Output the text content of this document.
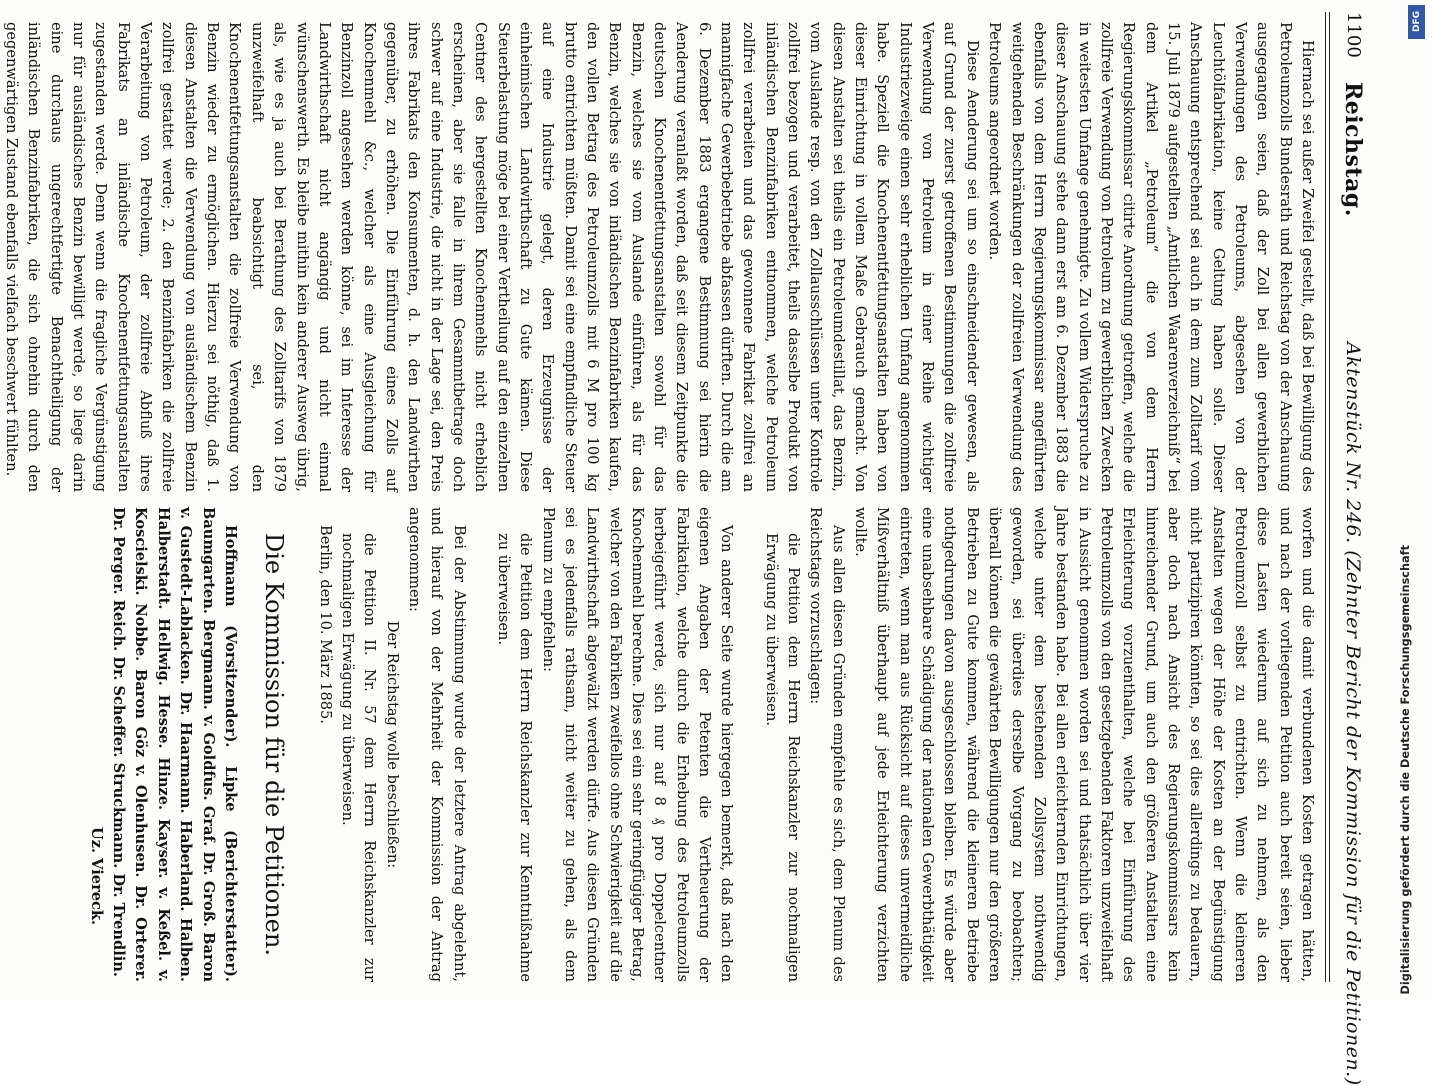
1100
Reichstag.
Aktenstück Nr. 246. (Zehnter Bericht der Kommission für die Petitionen.)

Hiernach sei außer Zweifel gestellt, daß bei Bewilligung des Petroleumzolls Bundesrath und Reichstag von der Anschauung ausgegangen seien, daß der Zoll bei allen gewerblichen Verwendungen des Petroleums, abgesehen von der Leuchtölfabrikation, keine Geltung haben solle. Dieser Anschauung entsprechend sei auch in dem zum Zolltarif vom 15. Juli 1879 aufgestellten „Amtlichen Waarenverzeichniß“ bei dem Artikel „Petroleum“ die von dem Herrn Regierungskommissar citirte Anordnung getroffen, welche die zollfreie Verwendung von Petroleum zu gewerblichen Zwecken in weitesten Umfange genehmigte. Zu vollem Widerspruche zu dieser Anschauung stehe dann erst am 6. Dezember 1883 die ebenfalls von dem Herrn Regierungskommissar angeführten weitgehenden Beschränkungen der zollfreien Verwendung des Petroleums angeordnet worden.

Diese Aenderung sei um so einschneidender gewesen, als auf Grund der zuerst getroffenen Bestimmungen die zollfreie Verwendung von Petroleum in einer Reihe wichtiger Industriezweige einen sehr erheblichen Umfang angenommen habe. Speziell die Knochenentfettungsanstalten haben von dieser Einrichtung in vollem Maße Gebrauch gemacht. Von diesen Anstalten sei theils ein Petroleumdestillat, das Benzin, vom Auslande resp. von den Zollausschlüssen unter Kontrole zollfrei bezogen und verarbeitet, theils dasselbe Produkt von inländischen Benzinfabriken entnommen, welche Petroleum zollfrei verarbeiten und das gewonnene Fabrikat zollfrei an mannigfache Gewerbebetriebe abfassen dürften. Durch die am 6. Dezember 1883 ergangene Bestimmung sei hierin die Aenderung veranlaßt worden, daß seit diesem Zeitpunkte die deutschen Knochenentfettungsanstalten sowohl für das Benzin, welches sie vom Auslande einführen, als für das Benzin, welches sie von inländischen Benzinfabriken kaufen, den vollen Betrag des Petroleumzolls mit 6 M pro 100 kg brutto entrichten müßten. Damit sei eine empfindliche Steuer auf eine Industrie gelegt, deren Erzeugnisse der einheimischen Landwirthschaft zu Gute kämen. Diese Steuerbelastung möge bei einer Vertheilung auf den einzelnen Centner des hergestellten Knochenmehls nicht erheblich erscheinen, aber sie falle in ihrem Gesammtbetrage doch schwer auf eine Industrie, die nicht in der Lage sei, den Preis ihres Fabrikats den Konsumenten, d. h. den Landwirthen gegenüber, zu erhöhen. Die Einführung eines Zolls auf Knochenmehl &c., welcher als eine Ausgleichung für Benzinzoll angesehen werden könne, sei im Interesse der Landwirthschaft nicht angängig und nicht einmal wünschenswerth. Es bleibe mithin kein anderer Ausweg übrig, als, wie es ja auch bei Berathung des Zolltarifs von 1879 unzweifelhaft beabsichtigt sei, den Knochenentfettungsanstalten die zollfreie Verwendung von Benzin wieder zu ermöglichen. Hierzu sei nöthig, daß 1. diesen Anstalten die Verwendung von ausländischem Benzin zollfrei gestattet werde; 2. den Benzinfabriken die zollfreie Verarbeitung von Petroleum, der zollfreie Abfluß ihres Fabrikats an inländische Knochenentfettungsanstalten zugestanden werde. Denn wenn die fragliche Vergünstigung nur für ausländisches Benzin bewilligt werde, so liege darin eine durchaus ungerechtfertigte Benachtheiligung der inländischen Benzinfabriken, die sich ohnehin durch den gegenwärtigen Zustand ebenfalls vielfach beschwert fühlten.

worfen und die damit verbundenen Kosten getragen hätten, und nach der vorliegenden Petition auch bereit seien, lieber diese Lasten wiederum auf sich zu nehmen, als den Petroleumzoll selbst zu entrichten. Wenn die kleineren Anstalten wegen der Höhe der Kosten an der Begünstigung nicht partizipiren könnten, so sei dies allerdings zu bedauern, aber doch nach Ansicht des Regierungskommissars kein hinreichender Grund, um auch den größeren Anstalten eine Erleichterung vorzuenthalten, welche bei Einführung des Petroleumzolls von den gesetzgebenden Faktoren unzweifelhaft in Aussicht genommen worden sei und thatsächlich über vier Jahre bestanden habe. Bei allen erleichternden Einrichtungen, welche unter dem bestehenden Zollsystem nothwendig geworden, sei überdies derselbe Vorgang zu beobachten; überall können die gewährten Bewilligungen nur den größeren Betrieben zu Gute kommen, während die kleineren Betriebe nothgedrungen davon ausgeschlossen bleiben. Es würde aber eine unabsehbare Schädigung der nationalen Gewerbthätigkeit eintreten, wenn man aus Rücksicht auf dieses unvermeidliche Mißverhältniß überhaupt auf jede Erleichterung verzichten wollte.

Aus allen diesen Gründen empfehle es sich, dem Plenum des Reichstags vorzuschlagen:

die Petition dem Herrn Reichskanzler zur nochmaligen Erwägung zu überweisen.

Von anderer Seite wurde hiergegen bemerkt, daß nach den eigenen Angaben der Petenten die Vertheuerung der Fabrikation, welche durch die Erhebung des Petroleumzolls herbeigeführt werde, sich nur auf 8 ₰ pro Doppelcentner Knochenmehl berechne. Dies sei ein sehr geringfügiger Betrag, welcher von den Fabriken zweifellos ohne Schwierigkeit auf die Landwirthschaft abgewälzt werden dürfe. Aus diesen Gründen sei es jedenfalls rathsam, nicht weiter zu gehen, als dem Plenum zu empfehlen:

die Petition dem Herrn Reichskanzler zur Kenntnißnahme zu überweisen.

Bei der Abstimmung wurde der letztere Antrag abgelehnt, und hierauf von der Mehrheit der Kommission der Antrag angenommen:

Der Reichstag wolle beschließen:

die Petition II. Nr. 57 dem Herrn Reichskanzler zur nochmaligen Erwägung zu überweisen.

Berlin, den 10. März 1885.

Die Kommission für die Petitionen.

Hoffmann (Vorsitzender). Lipke (Berichterstatter). Baumgarten. Bergmann. v. Goldfus. Graf. Dr. Groß. Baron v. Gustedt-Lablacken. Dr. Haarmann. Haberland. Halben. Halberstadt. Hellwig. Hesse. Hinze. Kayser. v. Keßel. v. Koscielski. Nobbe. Baron Göz v. Olenhusen. Dr. Orterer. Dr. Perger. Reich. Dr. Scheffer. Struckmann. Dr. Trendlin.

Uz. Viereck.	Digitalisierung gefördert durch die Deutsche Forschungsgemeinschaft
DFG
